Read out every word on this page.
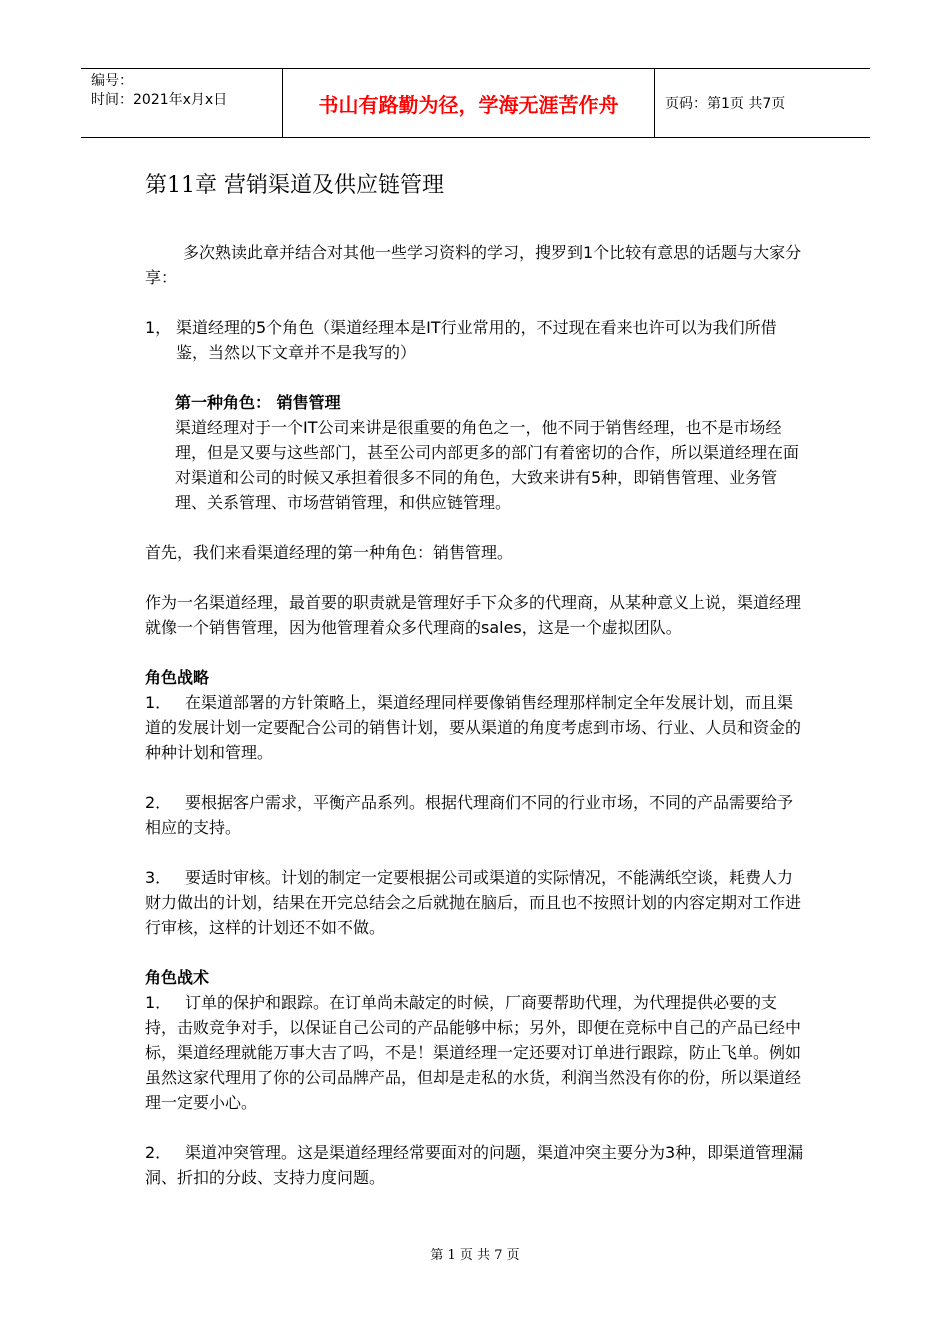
编号：
时间：2021年x月x日	书山有路勤为径，学海无涯苦作舟	页码：第1页 共7页
第11章 营销渠道及供应链管理

多次熟读此章并结合对其他一些学习资料的学习，搜罗到1个比较有意思的话题与大家分享：

1， 渠道经理的5个角色（渠道经理本是IT行业常用的，不过现在看来也许可以为我们所借鉴，当然以下文章并不是我写的）

第一种角色： 销售管理

渠道经理对于一个IT公司来讲是很重要的角色之一，他不同于销售经理，也不是市场经理，但是又要与这些部门，甚至公司内部更多的部门有着密切的合作，所以渠道经理在面对渠道和公司的时候又承担着很多不同的角色，大致来讲有5种，即销售管理、业务管理、关系管理、市场营销管理，和供应链管理。

首先，我们来看渠道经理的第一种角色：销售管理。

作为一名渠道经理，最首要的职责就是管理好手下众多的代理商，从某种意义上说，渠道经理就像一个销售管理，因为他管理着众多代理商的sales，这是一个虚拟团队。

角色战略

1． 在渠道部署的方针策略上，渠道经理同样要像销售经理那样制定全年发展计划，而且渠道的发展计划一定要配合公司的销售计划，要从渠道的角度考虑到市场、行业、人员和资金的种种计划和管理。

2． 要根据客户需求，平衡产品系列。根据代理商们不同的行业市场，不同的产品需要给予相应的支持。

3． 要适时审核。计划的制定一定要根据公司或渠道的实际情况，不能满纸空谈，耗费人力财力做出的计划，结果在开完总结会之后就抛在脑后，而且也不按照计划的内容定期对工作进行审核，这样的计划还不如不做。

角色战术

1． 订单的保护和跟踪。在订单尚未敲定的时候，厂商要帮助代理，为代理提供必要的支持，击败竞争对手，以保证自己公司的产品能够中标；另外，即便在竞标中自己的产品已经中标，渠道经理就能万事大吉了吗，不是！渠道经理一定还要对订单进行跟踪，防止飞单。例如虽然这家代理用了你的公司品牌产品，但却是走私的水货，利润当然没有你的份，所以渠道经理一定要小心。

2． 渠道冲突管理。这是渠道经理经常要面对的问题，渠道冲突主要分为3种，即渠道管理漏洞、折扣的分歧、支持力度问题。

第 1 页 共 7 页
